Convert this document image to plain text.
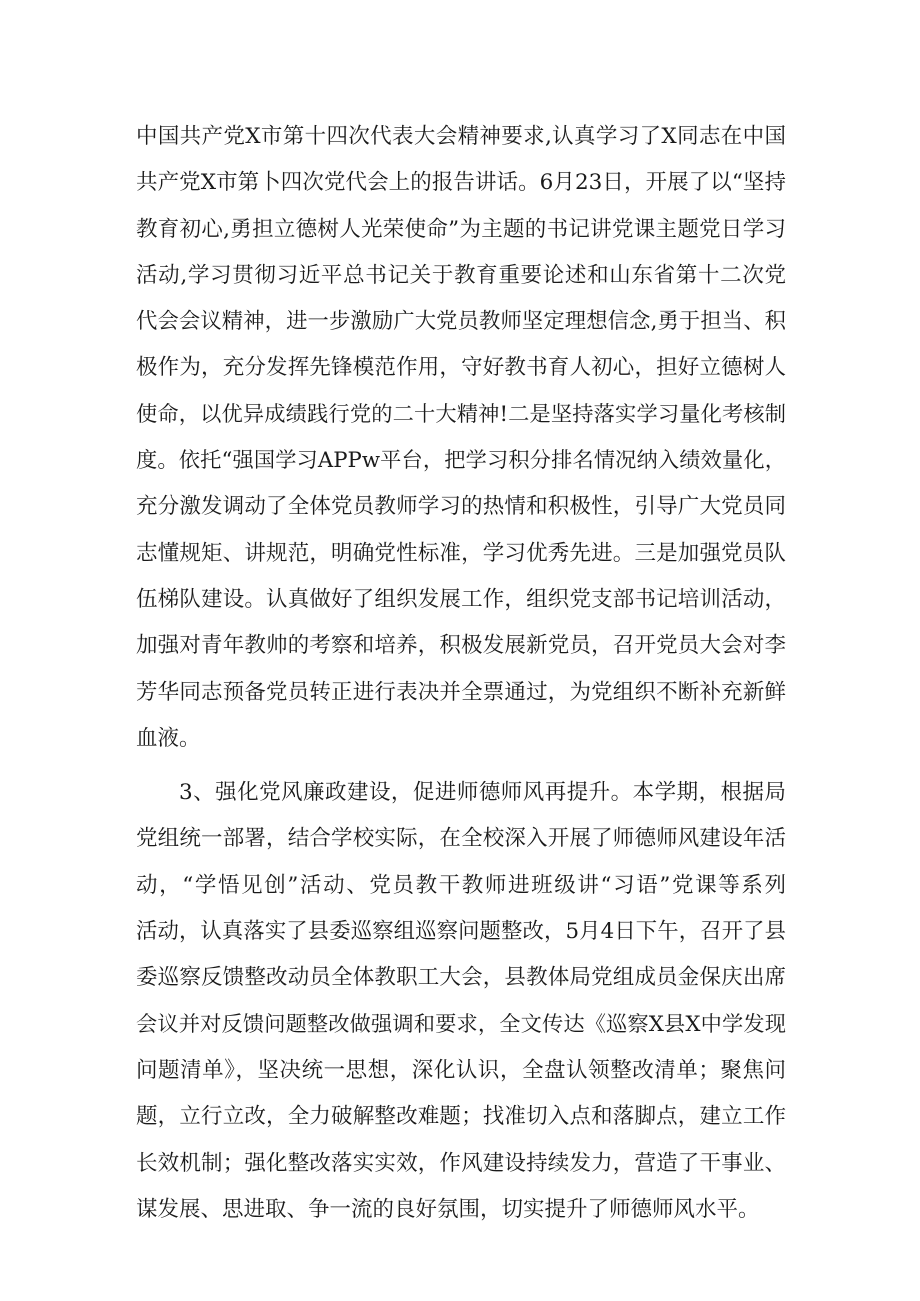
中国共产党X市第十四次代表大会精神要求,认真学习了X同志在中国
共产党X市第卜四次党代会上的报告讲话。6月23日，开展了以“坚持
教育初心,勇担立德树人光荣使命”为主题的书记讲党课主题党日学习
活动,学习贯彻习近平总书记关于教育重要论述和山东省第十二次党
代会会议精神，进一步激励广大党员教师坚定理想信念,勇于担当、积
极作为，充分发挥先锋模范作用，守好教书育人初心，担好立德树人
使命，以优异成绩践行党的二十大精神!二是坚持落实学习量化考核制
度。依托“强国学习APPw平台，把学习积分排名情况纳入绩效量化，
充分激发调动了全体党员教师学习的热情和积极性，引导广大党员同
志懂规矩、讲规范，明确党性标准，学习优秀先进。三是加强党员队
伍梯队建设。认真做好了组织发展工作，组织党支部书记培训活动，
加强对青年教帅的考察和培养，积极发展新党员，召开党员大会对李
芳华同志预备党员转正进行表决并全票通过，为党组织不断补充新鲜
血液。
3、强化党风廉政建设，促进师德师风再提升。本学期，根据局
党组统一部署，结合学校实际，在全校深入开展了师德师风建设年活
动，“学悟见创”活动、党员教干教师进班级讲“习语”党课等系列
活动，认真落实了县委巡察组巡察问题整改，5月4日下午，召开了县
委巡察反馈整改动员全体教职工大会，县教体局党组成员金保庆出席
会议并对反馈问题整改做强调和要求，全文传达《巡察X县X中学发现
问题清单》，坚决统一思想，深化认识，全盘认领整改清单；聚焦问
题，立行立改，全力破解整改难题；找准切入点和落脚点，建立工作
长效机制；强化整改落实实效，作风建设持续发力，营造了干事业、
谋发展、思进取、争一流的良好氛围，切实提升了师德师风水平。
